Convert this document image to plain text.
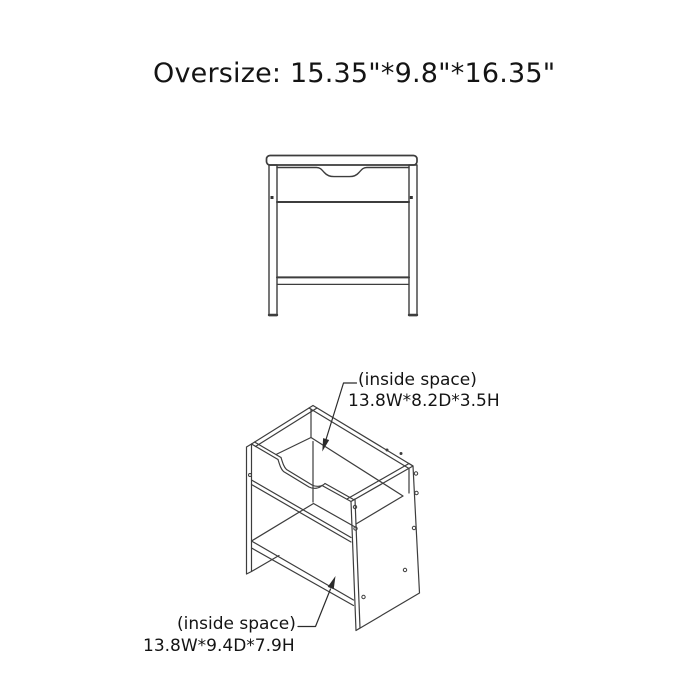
Oversize: 15.35"*9.8"*16.35"
(inside space)
13.8W*8.2D*3.5H
(inside space)
13.8W*9.4D*7.9H
